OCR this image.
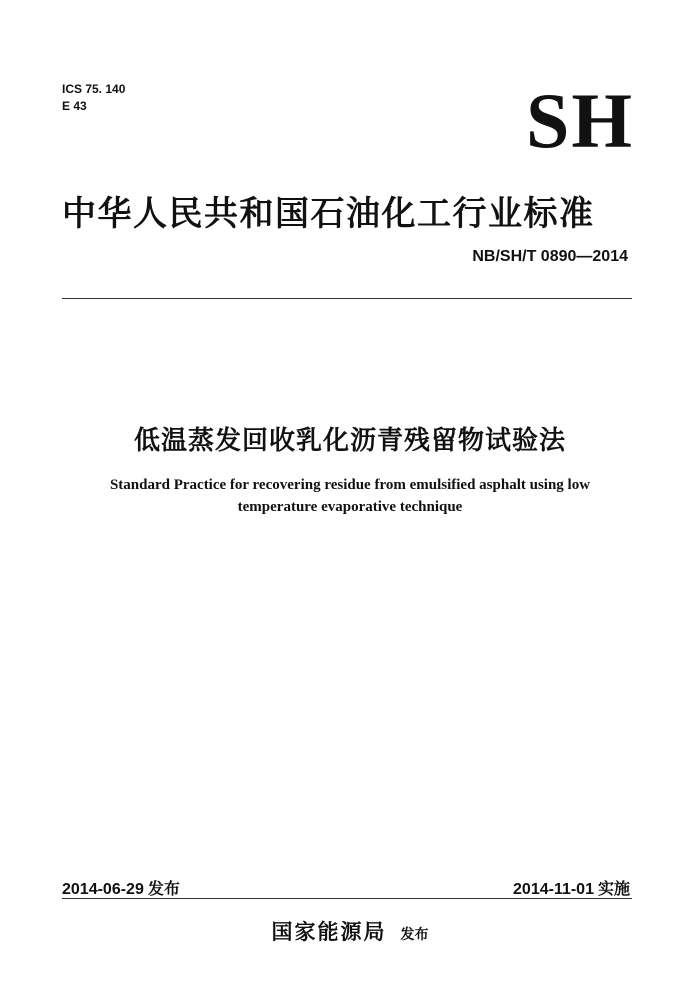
ICS 75. 140
E 43	SH
中华人民共和国石油化工行业标准
NB/SH/T 0890—2014
低温蒸发回收乳化沥青残留物试验法
Standard Practice for recovering residue from emulsified asphalt using low
temperature evaporative technique
2014-06-29 发布	2014-11-01 实施
国家能源局 发布
